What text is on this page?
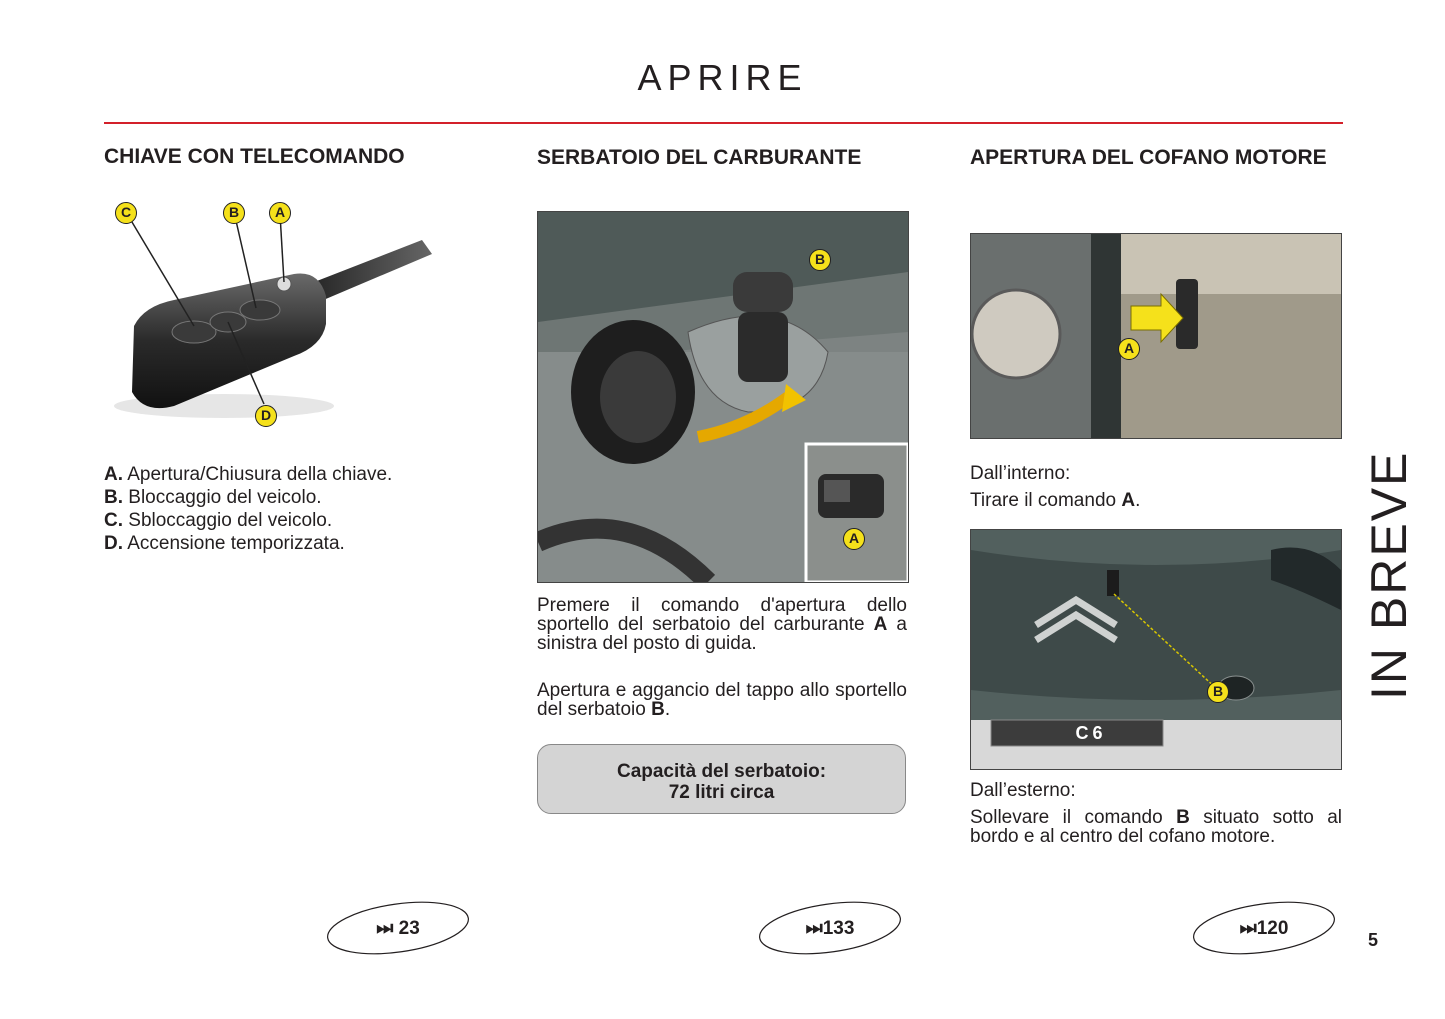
APRIRE
CHIAVE CON TELECOMANDO
C	B	A
D
A. Apertura/Chiusura della chiave.
B. Bloccaggio del veicolo.
C. Sbloccaggio del veicolo.
D. Accensione temporizzata.
⏭ 23
SERBATOIO DEL CARBURANTE
B
A
Premere il comando d'apertura dello sportello del serbatoio del carburante A a sinistra del posto di guida.
Apertura e aggancio del tappo allo sportello del serbatoio B.
Capacità del serbatoio:
72 litri circa
⏭133
APERTURA DEL COFANO MOTORE
A
Dall’interno:
Tirare il comando A.
B
C6
Dall’esterno:
Sollevare il comando B situato sotto al bordo e al centro del cofano motore.
⏭120
IN BREVE
5
